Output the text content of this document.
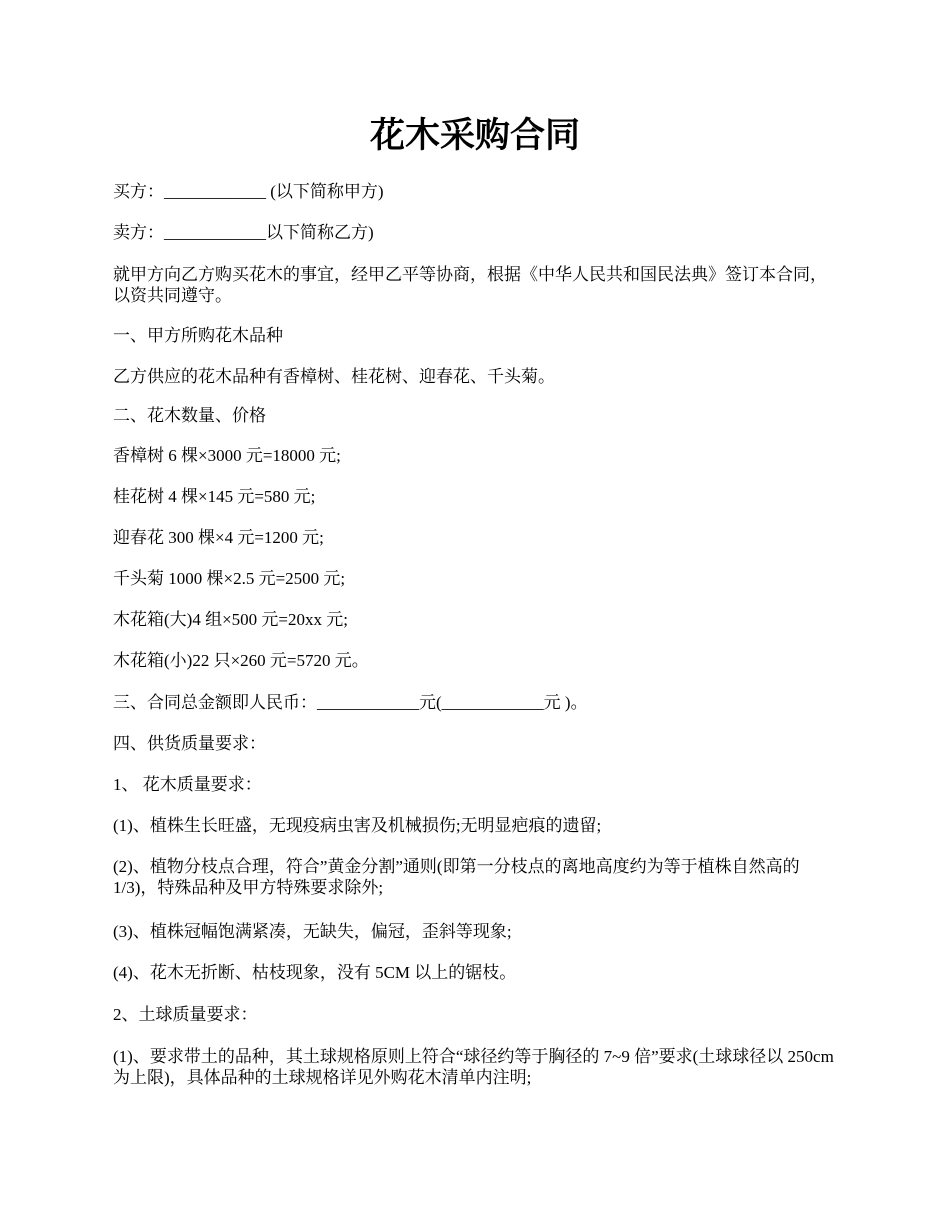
花木采购合同

买方：____________ (以下简称甲方)

卖方：____________以下简称乙方)

就甲方向乙方购买花木的事宜，经甲乙平等协商，根据《中华人民共和国民法典》签订本合同，以资共同遵守。

一、甲方所购花木品种

乙方供应的花木品种有香樟树、桂花树、迎春花、千头菊。

二、花木数量、价格

香樟树 6 棵×3000 元=18000 元;

桂花树 4 棵×145 元=580 元;

迎春花 300 棵×4 元=1200 元;

千头菊 1000 棵×2.5 元=2500 元;

木花箱(大)4 组×500 元=20xx 元;

木花箱(小)22 只×260 元=5720 元。

三、合同总金额即人民币：____________元(____________元 )。

四、供货质量要求：

1、 花木质量要求：

(1)、植株生长旺盛，无现疫病虫害及机械损伤;无明显疤痕的遗留;

(2)、植物分枝点合理，符合”黄金分割”通则(即第一分枝点的离地高度约为等于植株自然高的 1/3)，特殊品种及甲方特殊要求除外;

(3)、植株冠幅饱满紧凑，无缺失，偏冠，歪斜等现象;

(4)、花木无折断、枯枝现象，没有 5CM 以上的锯枝。

2、土球质量要求：

(1)、要求带土的品种，其土球规格原则上符合“球径约等于胸径的 7~9 倍”要求(土球球径以 250cm 为上限)，具体品种的土球规格详见外购花木清单内注明;
